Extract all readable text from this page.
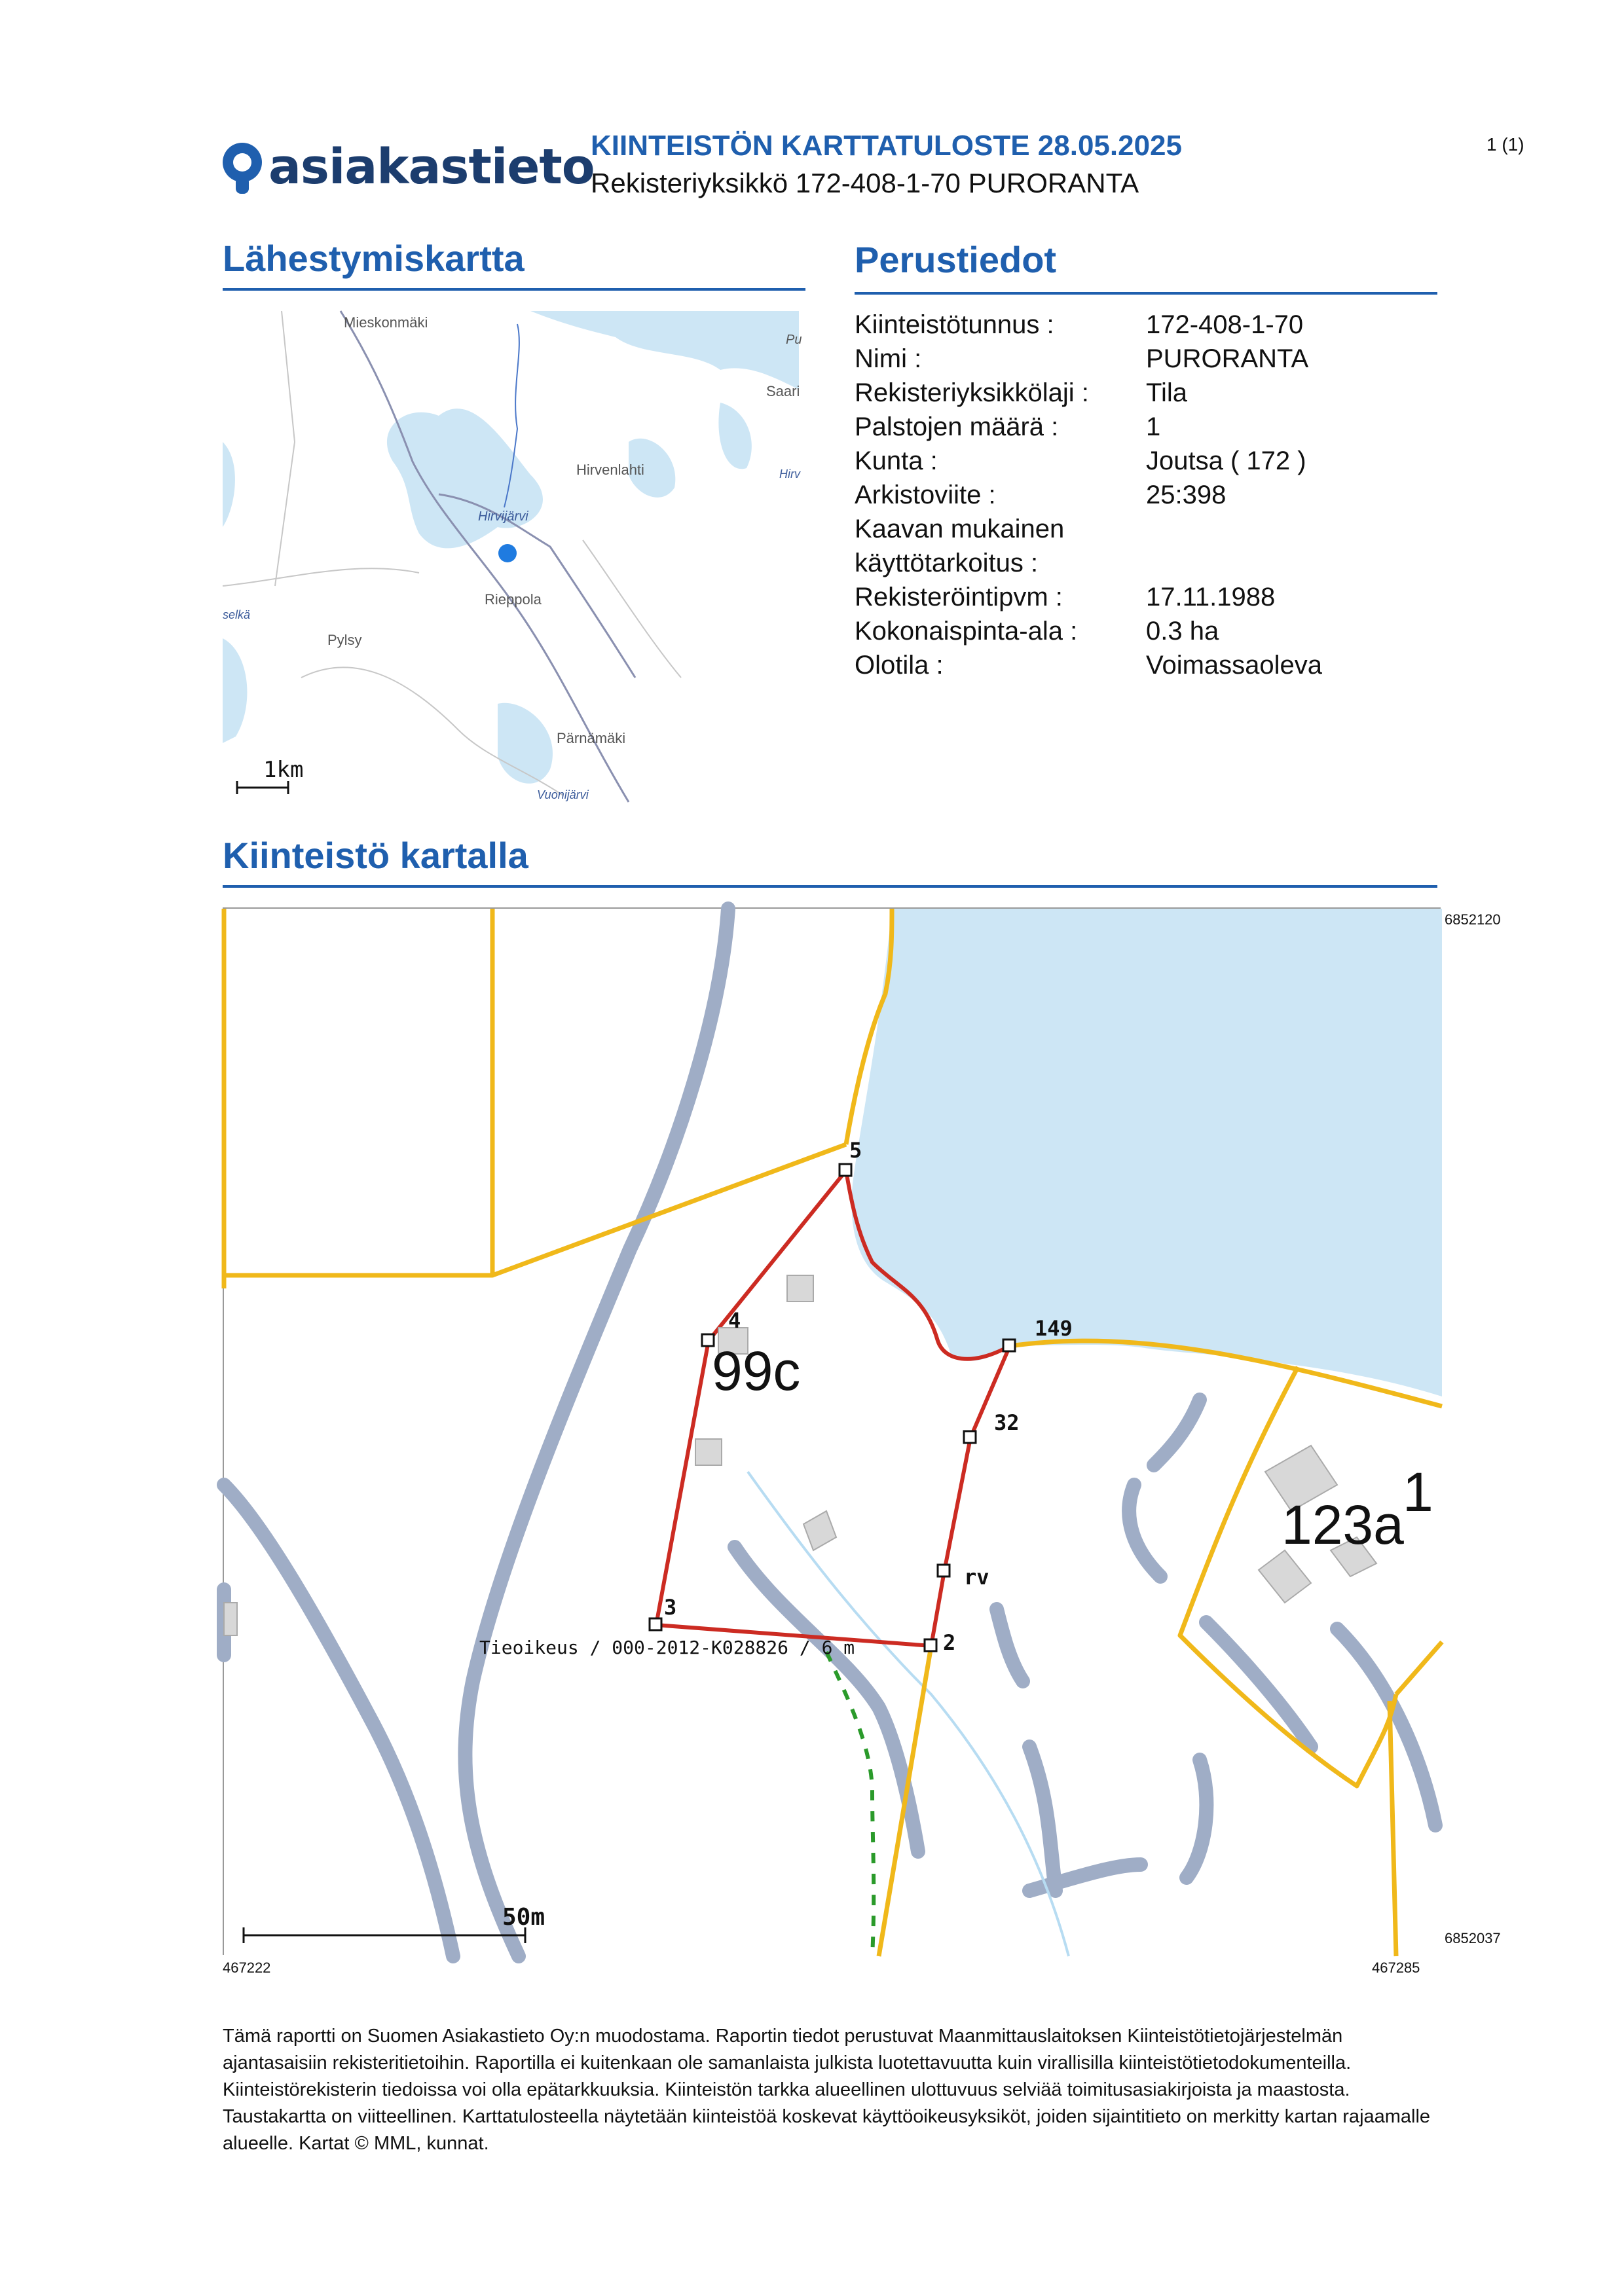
asiakastieto
KIINTEISTÖN KARTTATULOSTE 28.05.2025
Rekisteriyksikkö 172-408-1-70 PURORANTA
1 (1)
Lähestymiskartta
Mieskonmäki
Saari
Hirvenlahti
Hirvijärvi
Rieppola
Pylsy
Pärnämäki
Vuonijärvi
Pu
Hirv
selkä
1km
Perustiedot
Kiinteistötunnus :	172-408-1-70
Nimi :	PURORANTA
Rekisteriyksikkölaji : Tila
Palstojen määrä :	1
Kunta :	Joutsa ( 172 )
Arkistoviite :	25:398
Kaavan mukainen
käyttötarkoitus :
Rekisteröintipvm :	17.11.1988
Kokonaispinta-ala :	0.3 ha
Olotila :	Voimassaoleva
Kiinteistö kartalla
5
4	149
32
rv
3
2
99c
123a
1
Tieoikeus / 000-2012-K028826 / 6 m
50m
6852120
6852037
467222	467285
Tämä raportti on Suomen Asiakastieto Oy:n muodostama. Raportin tiedot perustuvat Maanmittauslaitoksen Kiinteistötietojärjestelmän ajantasaisiin rekisteritietoihin. Raportilla ei kuitenkaan ole samanlaista julkista luotettavuutta kuin virallisilla kiinteistötietodokumenteilla. Kiinteistörekisterin tiedoissa voi olla epätarkkuuksia. Kiinteistön tarkka alueellinen ulottuvuus selviää toimitusasiakirjoista ja maastosta. Taustakartta on viitteellinen. Karttatulosteella näytetään kiinteistöä koskevat käyttöoikeusyksiköt, joiden sijaintitieto on merkitty kartan rajaamalle alueelle. Kartat © MML, kunnat.
